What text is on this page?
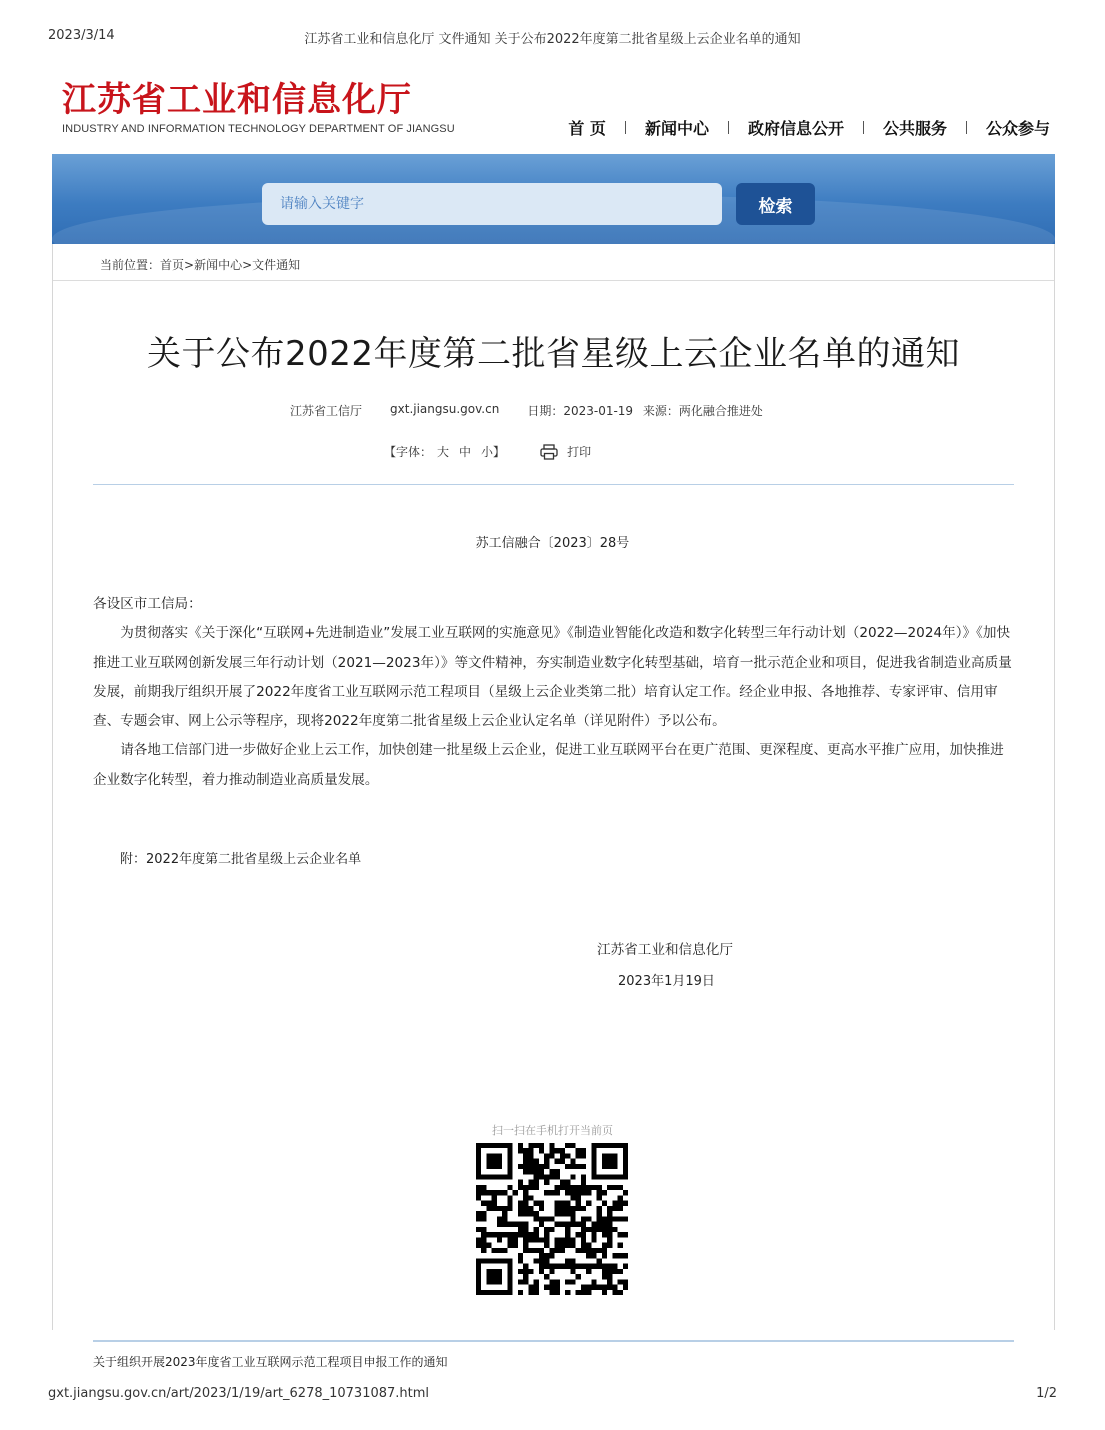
2023/3/14	江苏省工业和信息化厅 文件通知 关于公布2022年度第二批省星级上云企业名单的通知
江苏省工业和信息化厅
INDUSTRY AND INFORMATION TECHNOLOGY DEPARTMENT OF JIANGSU	首 页 新闻中心 政府信息公开 公共服务 公众参与
请输入关键字
检索
当前位置： 首页>新闻中心>文件通知
关于公布2022年度第二批省星级上云企业名单的通知
江苏省工信厅 gxt.jiangsu.gov.cn 日期：2023-01-19 来源：两化融合推进处
【字体： 大 中 小】	打印
苏工信融合〔2023〕28号

各设区市工信局：

为贯彻落实《关于深化“互联网+先进制造业”发展工业互联网的实施意见》《制造业智能化改造和数字化转型三年行动计划（2022—2024年）》《加快推进工业互联网创新发展三年行动计划（2021—2023年）》等文件精神，夯实制造业数字化转型基础，培育一批示范企业和项目，促进我省制造业高质量发展，前期我厅组织开展了2022年度省工业互联网示范工程项目（星级上云企业类第二批）培育认定工作。经企业申报、各地推荐、专家评审、信用审查、专题会审、网上公示等程序，现将2022年度第二批省星级上云企业认定名单（详见附件）予以公布。

请各地工信部门进一步做好企业上云工作，加快创建一批星级上云企业，促进工业互联网平台在更广范围、更深程度、更高水平推广应用，加快推进企业数字化转型，着力推动制造业高质量发展。

附：2022年度第二批省星级上云企业名单
江苏省工业和信息化厅
2023年1月19日
扫一扫在手机打开当前页
关于组织开展2023年度省工业互联网示范工程项目申报工作的通知
gxt.jiangsu.gov.cn/art/2023/1/19/art_6278_10731087.html	1/2
